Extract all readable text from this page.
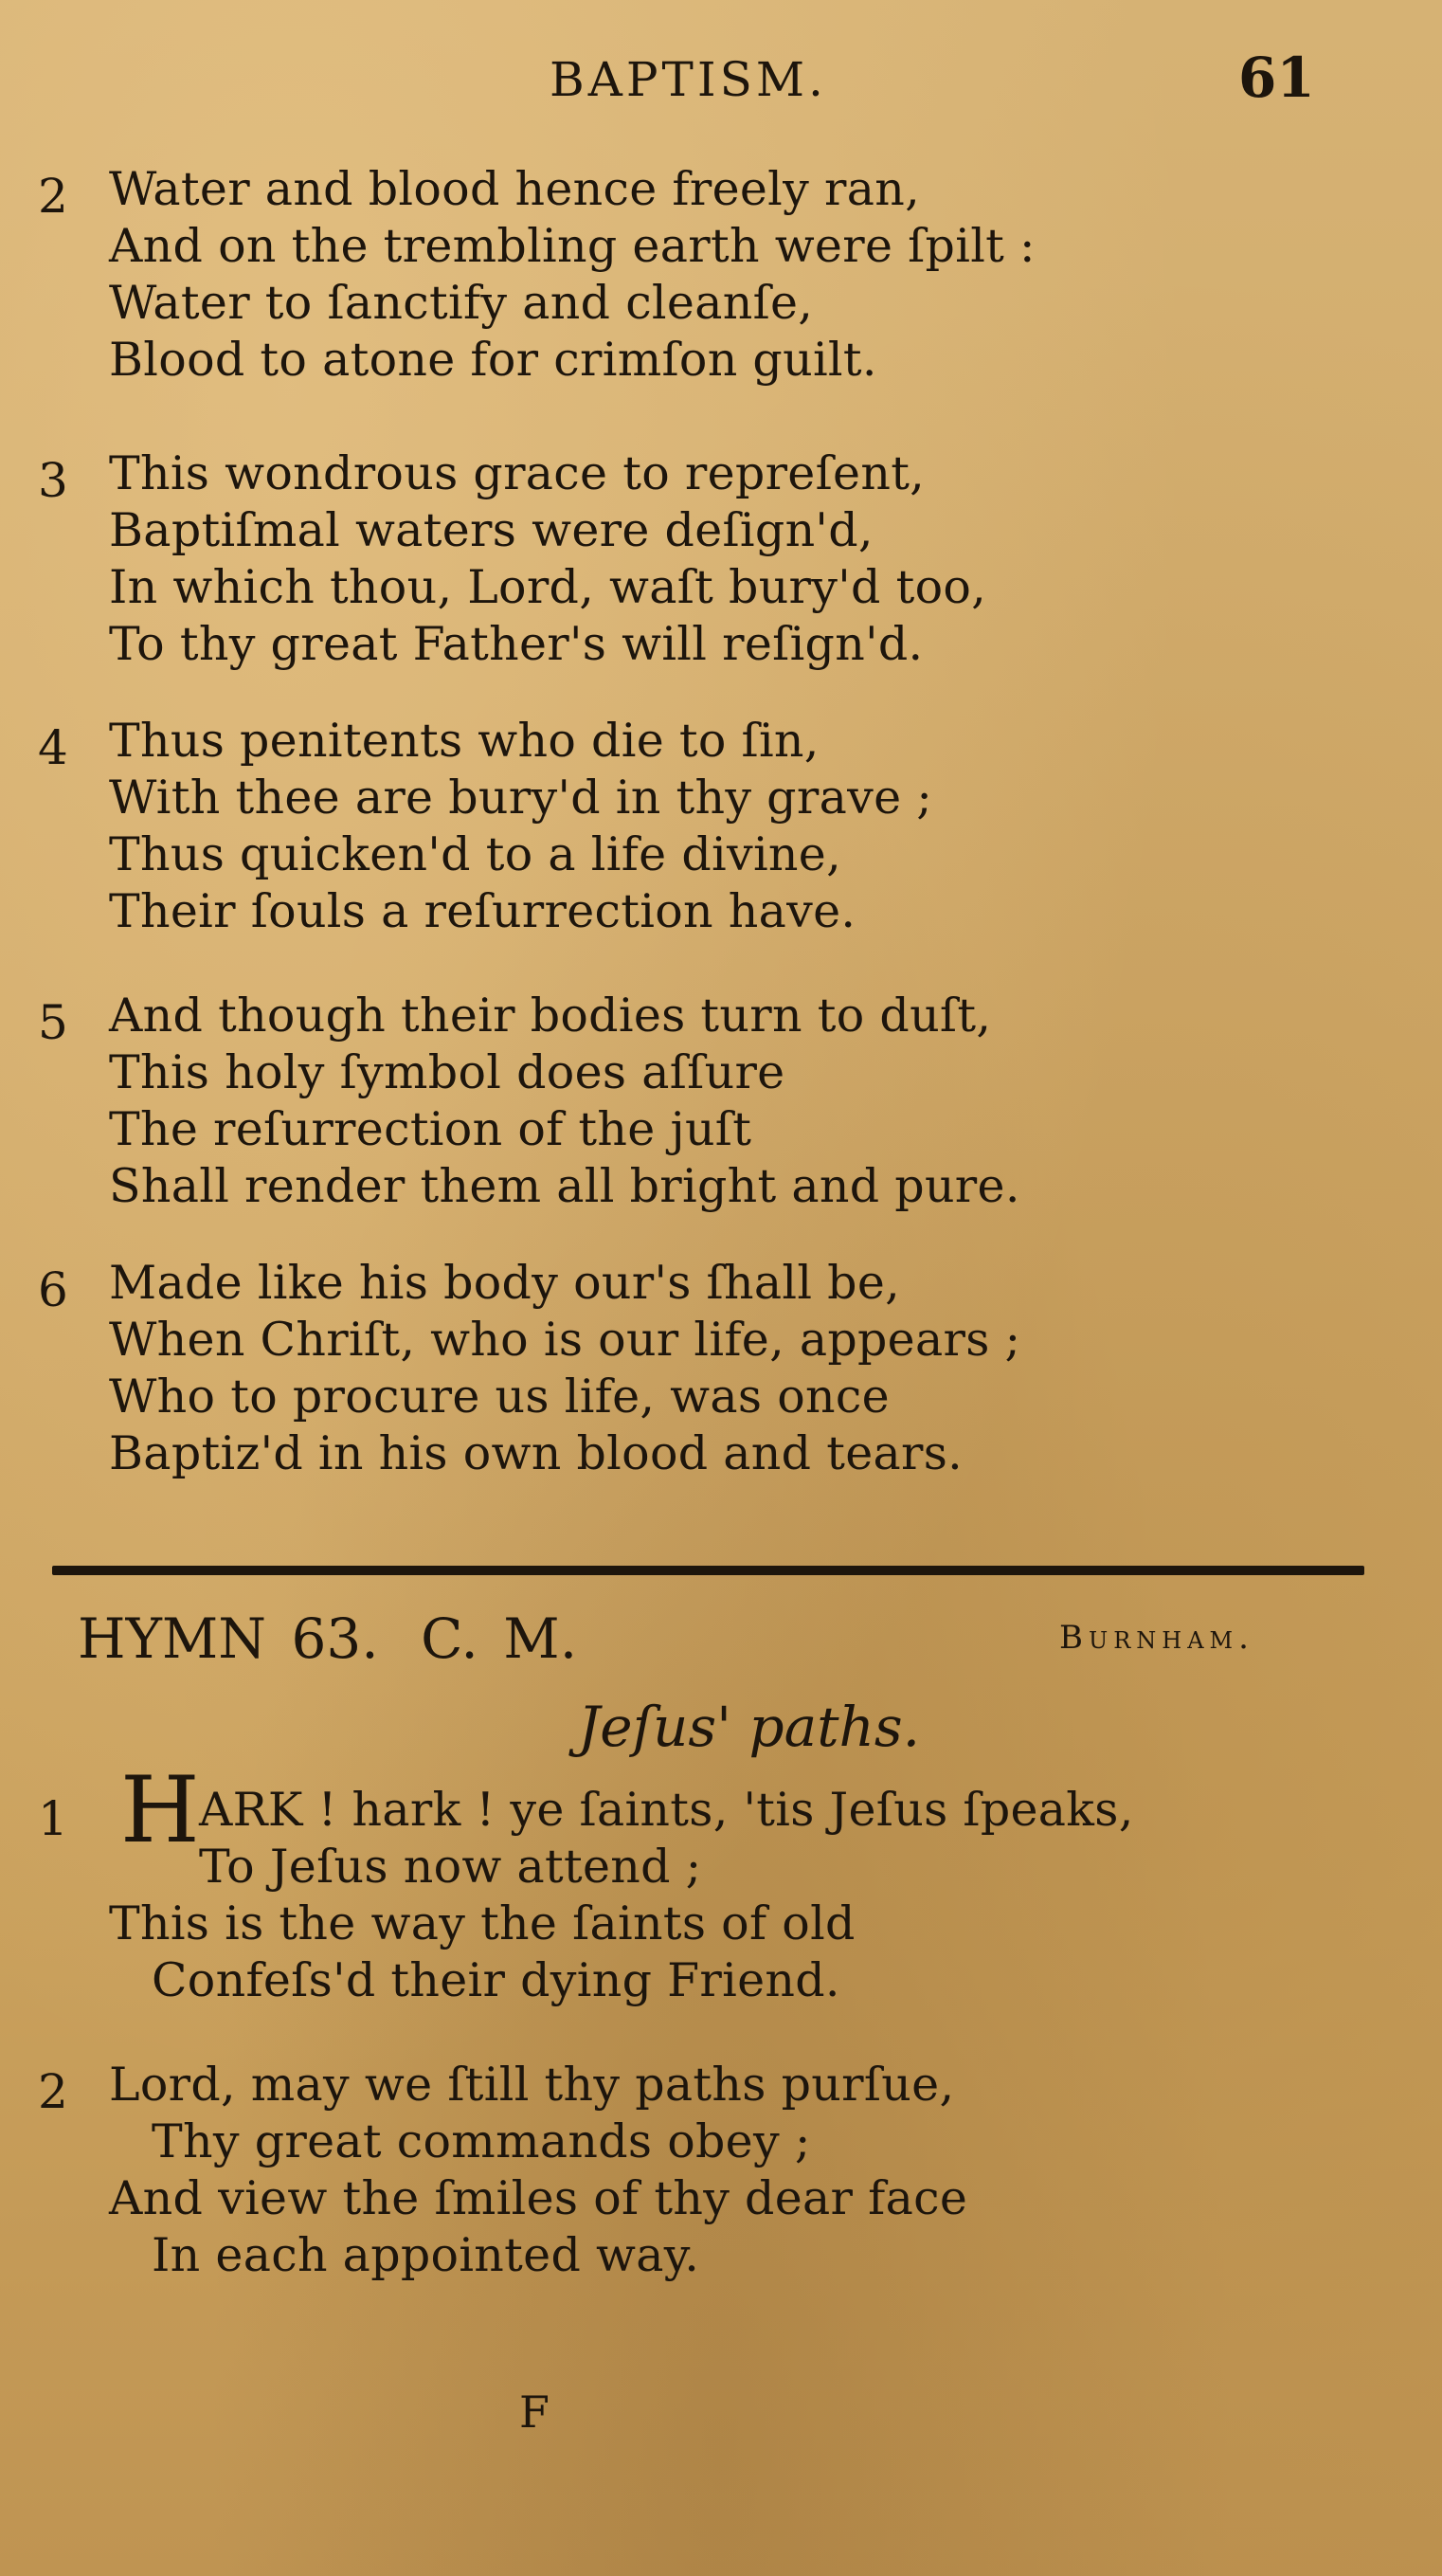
BAPTISM.	61
2 Water and blood hence freely ran,
And on the trembling earth were ſpilt :
Water to ſanctify and cleanſe,
Blood to atone for crimſon guilt.
3 This wondrous grace to repreſent,
Baptiſmal waters were deſign'd,
In which thou, Lord, waſt bury'd too,
To thy great Father's will reſign'd.
4 Thus penitents who die to ſin,
With thee are bury'd in thy grave ;
Thus quicken'd to a life divine,
Their ſouls a reſurrection have.
5 And though their bodies turn to duſt,
This holy ſymbol does aſſure
The reſurrection of the juſt
Shall render them all bright and pure.
6 Made like his body our's ſhall be,
When Chriſt, who is our life, appears ;
Who to procure us life, was once
Baptiz'd in his own blood and tears.
HYMN 63. C. M.	Burnham.
Jeſus' paths.
1 H ARK ! hark ! ye ſaints, 'tis Jeſus ſpeaks,
To Jeſus now attend ;
This is the way the ſaints of old
Confeſs'd their dying Friend.
2 Lord, may we ſtill thy paths purſue,
Thy great commands obey ;
And view the ſmiles of thy dear face
In each appointed way.
F
